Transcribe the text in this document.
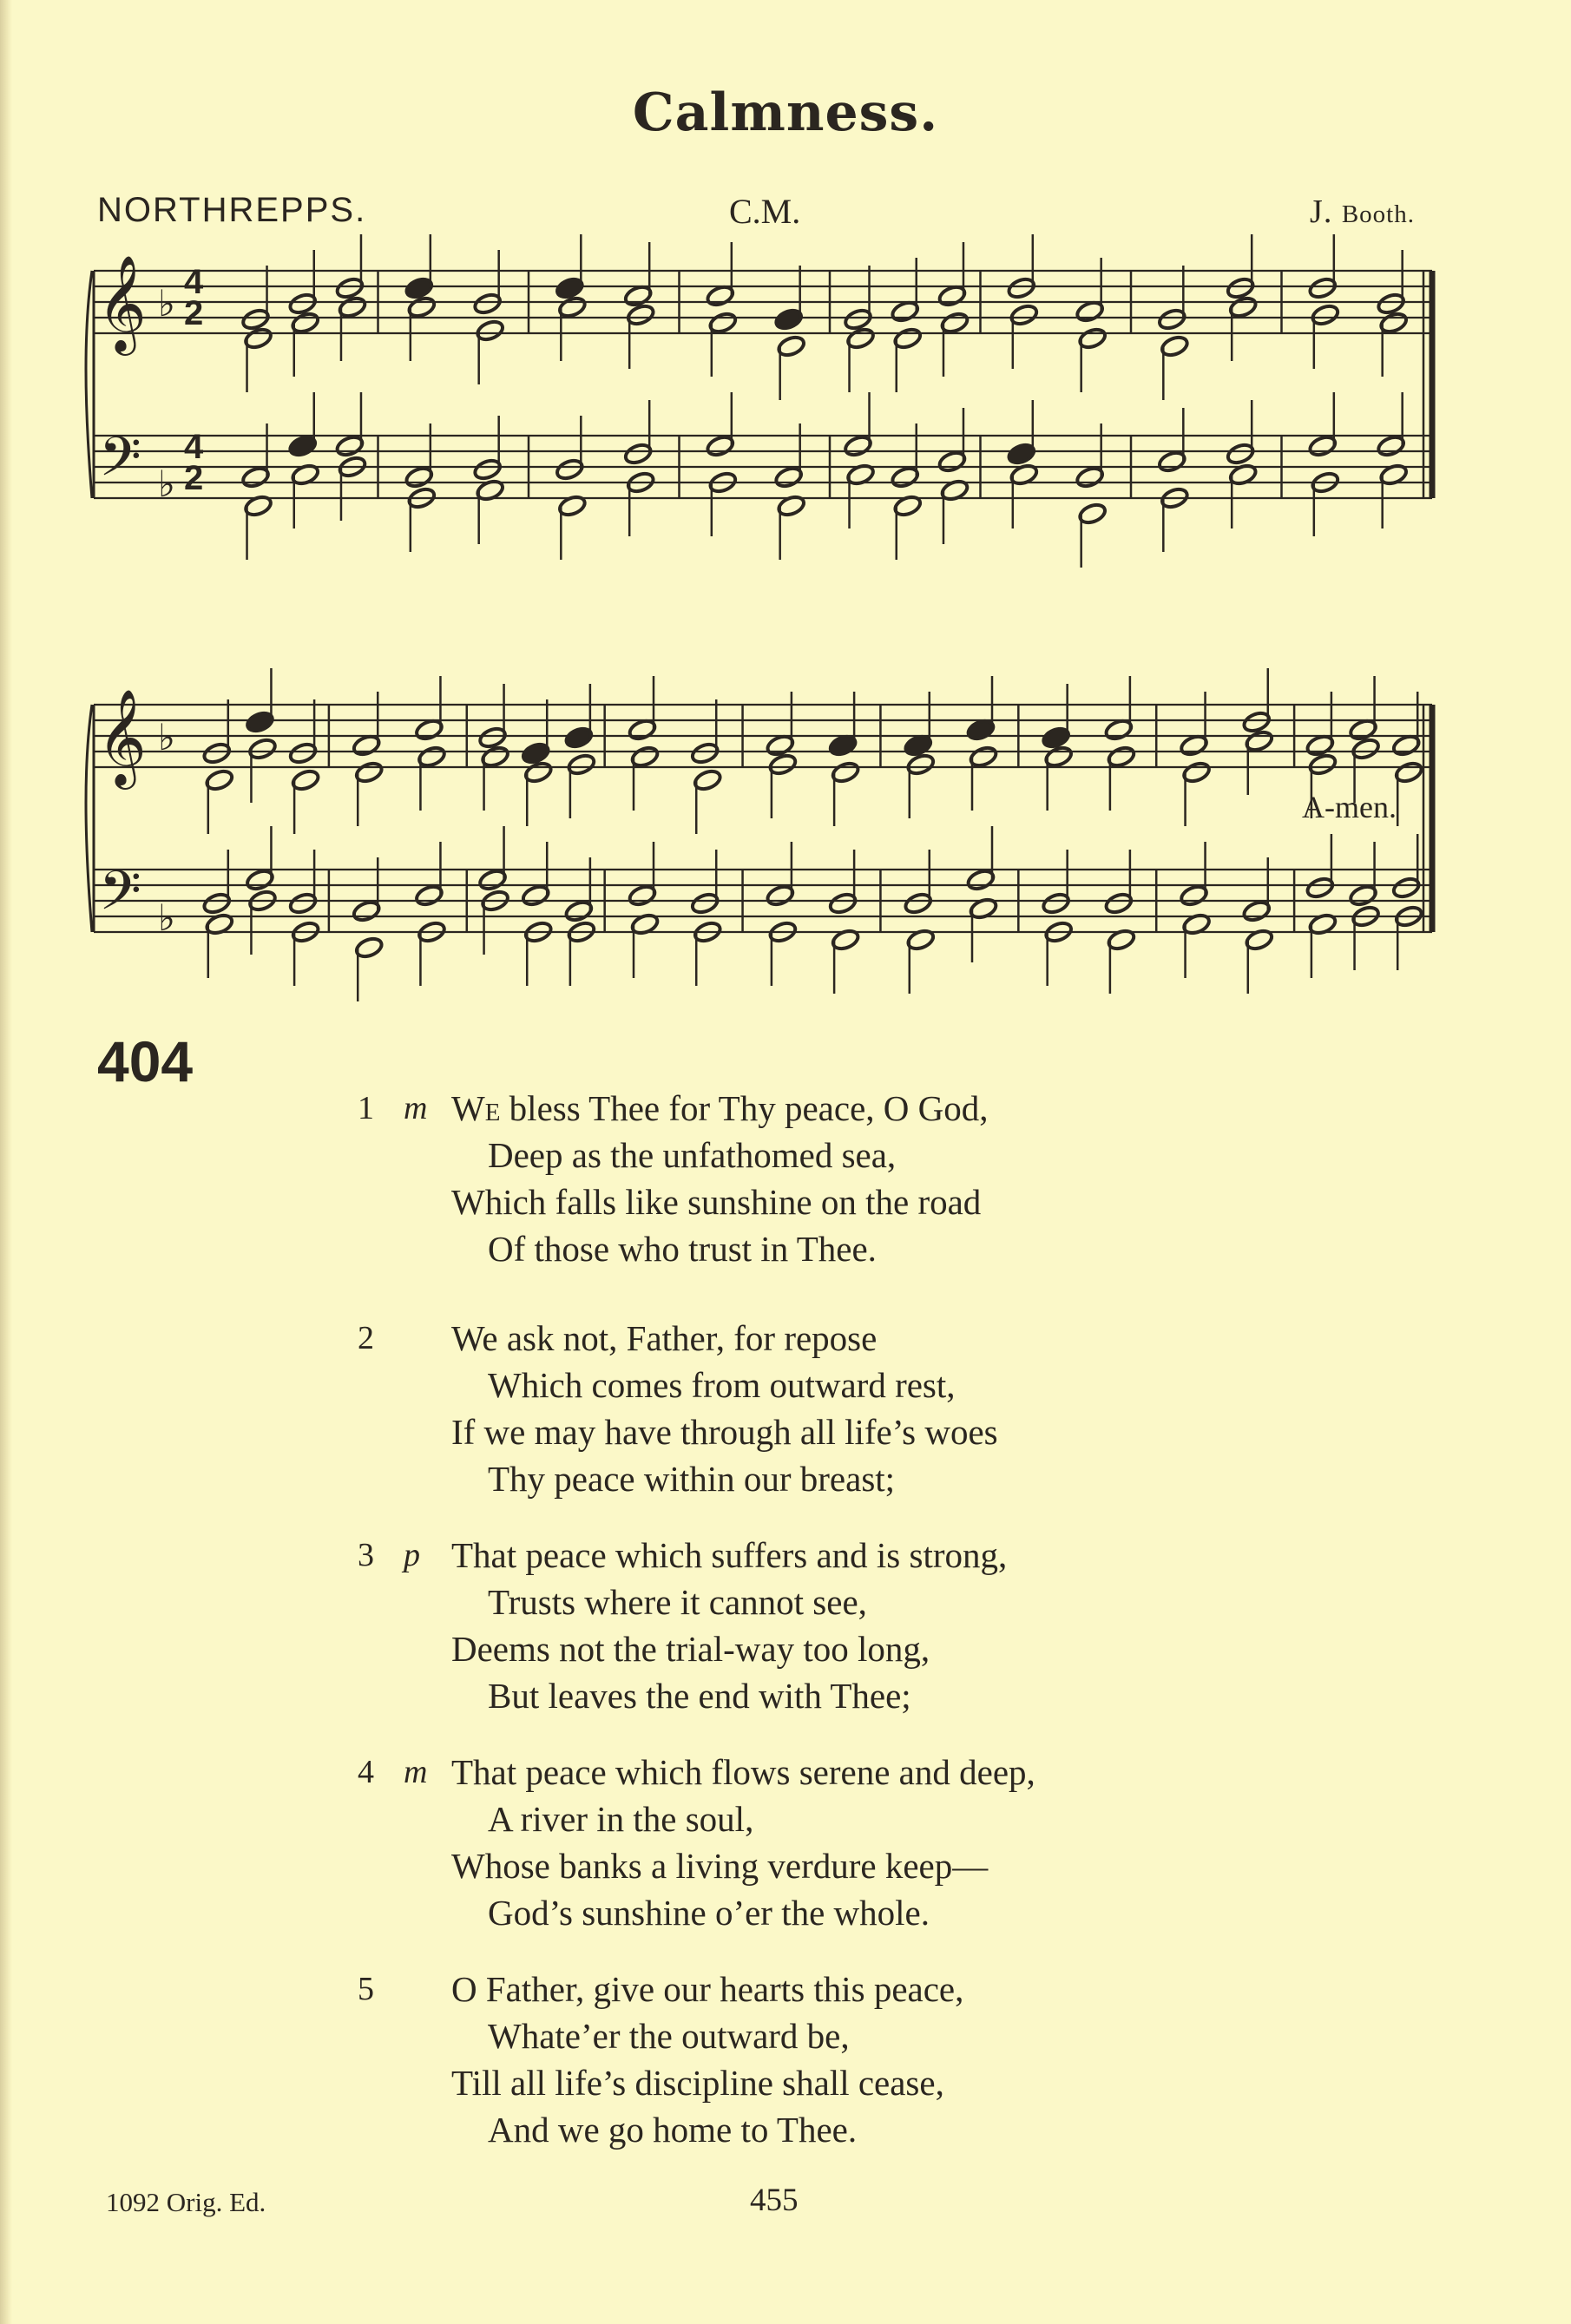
Calmness.
NORTHREPPS.	C.M.	J. Booth.
𝄞
𝄢
♭
♭
4
2
4
2
𝄞
𝄢
♭
♭
A-men.
404
1 m We bless Thee for Thy peace, O God,
Deep as the unfathomed sea,
Which falls like sunshine on the road
Of those who trust in Thee.
2 We ask not, Father, for repose
Which comes from outward rest,
If we may have through all life’s woes
Thy peace within our breast;
3 p That peace which suffers and is strong,
Trusts where it cannot see,
Deems not the trial-way too long,
But leaves the end with Thee;
4 m That peace which flows serene and deep,
A river in the soul,
Whose banks a living verdure keep—
God’s sunshine o’er the whole.
5 O Father, give our hearts this peace,
Whate’er the outward be,
Till all life’s discipline shall cease,
And we go home to Thee.
1092 Orig. Ed.	455
